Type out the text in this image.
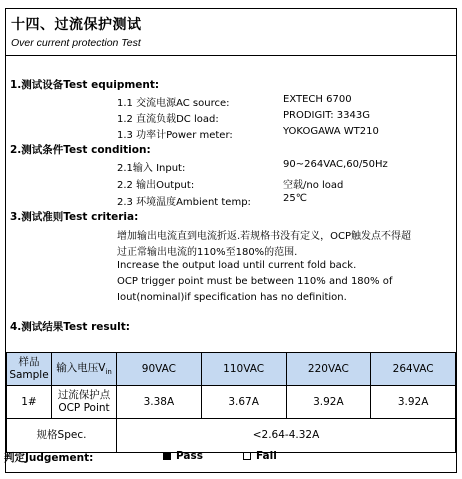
十四、过流保护测试
Over current protection Test
1.测试设备Test equipment:
1.1 交流电源AC source:	EXTECH 6700
1.2 直流负载DC load:	PRODIGIT: 3343G
1.3 功率计Power meter:	YOKOGAWA WT210
2.测试条件Test condition:
2.1输入 Input:	90~264VAC,60/50Hz
2.2 输出Output:	空载/no load
2.3 环境温度Ambient temp:	25℃
3.测试准则Test criteria:
增加输出电流直到电流折返.若规格书没有定义，OCP触发点不得超
过正常输出电流的110%至180%的范围.
Increase the output load until current fold back.
OCP trigger point must be between 110% and 180% of
Iout(nominal)if specification has no definition.
4.测试结果Test result:
样品
Sample	输入电压$V_{in}$	90VAC	110VAC	220VAC	264VAC
1#	过流保护点
OCP Point	3.38A	3.67A	3.92A	3.92A
规格Spec.		<2.64-4.32A			
判定Judgement:	Pass	Fail
